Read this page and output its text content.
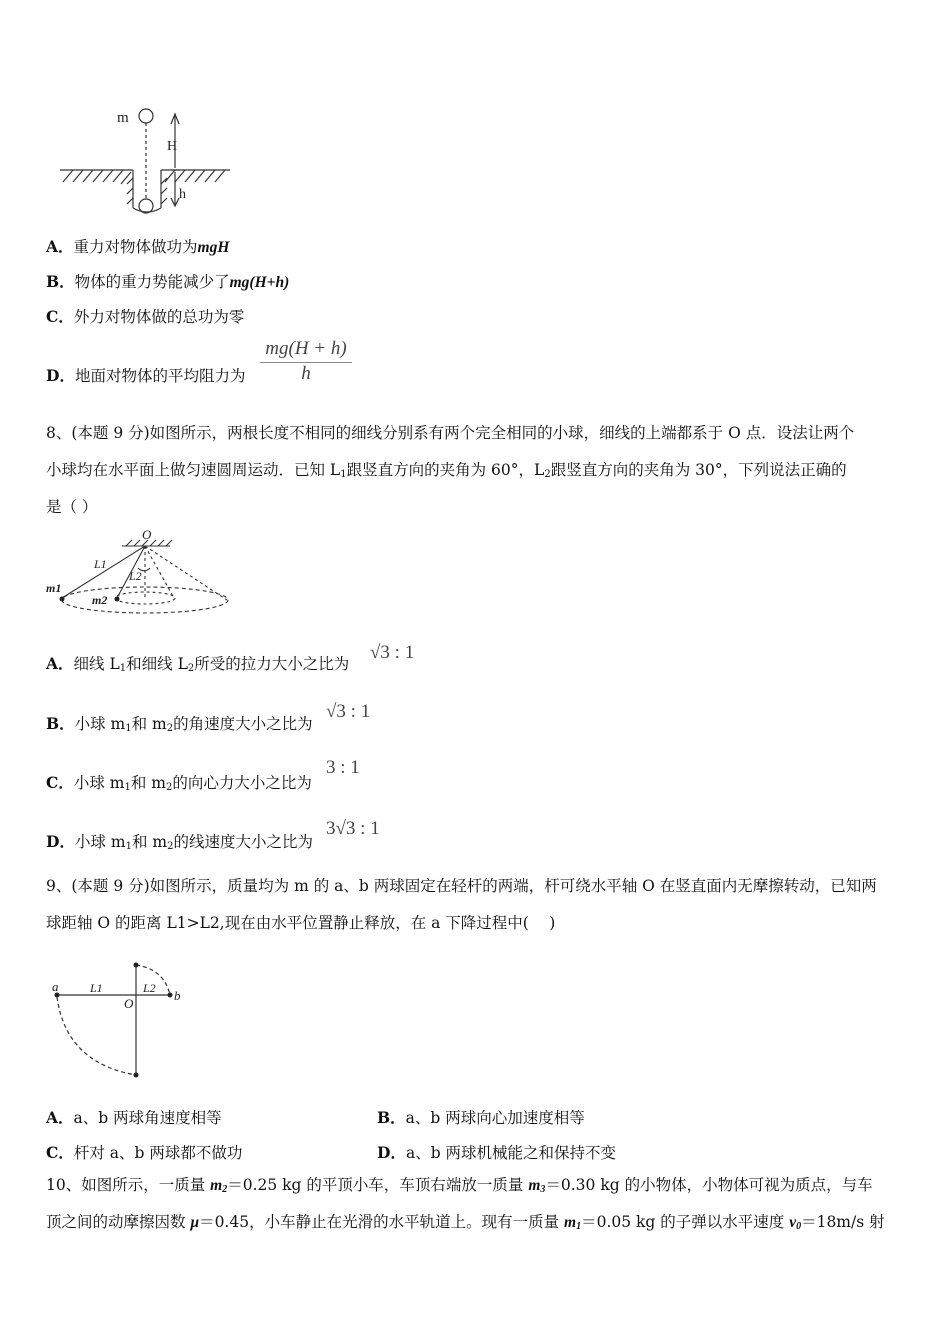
m
H
h
A．重力对物体做功为mgH
B．物体的重力势能减少了mg(H+h)
C．外力对物体做的总功为零
D．地面对物体的平均阻力为 $\frac{mg(H + h)}{h}$
8、(本题 9 分)如图所示，两根长度不相同的细线分别系有两个完全相同的小球，细线的上端都系于 O 点．设法让两个
小球均在水平面上做匀速圆周运动．已知 $L_1$跟竖直方向的夹角为 60°，$L_2$跟竖直方向的夹角为 30°，下列说法正确的
是（ ）
O
L1
L2
m1
m2
A．细线 $L_1$和细线 $L_2$所受的拉力大小之比为
√3 : 1
B．小球 $m_1$和 $m_2$的角速度大小之比为
√3 : 1
C．小球 $m_1$和 $m_2$的向心力大小之比为
3 : 1
D．小球 $m_1$和 $m_2$的线速度大小之比为
3√3 : 1
9、(本题 9 分)如图所示，质量均为 m 的 a、b 两球固定在轻杆的两端，杆可绕水平轴 O 在竖直面内无摩擦转动，已知两
球距轴 O 的距离 L1>L2,现在由水平位置静止释放，在 a 下降过程中(　 )
a	L1
O
L2 b
A．a、b 两球角速度相等	B．a、b 两球向心加速度相等
C．杆对 a、b 两球都不做功	D．a、b 两球机械能之和保持不变
10、如图所示，一质量 $m_2=0.25$ kg 的平顶小车，车顶右端放一质量 $m_3=0.30$ kg 的小物体，小物体可视为质点，与车
顶之间的动摩擦因数 μ＝0.45，小车静止在光滑的水平轨道上。现有一质量 $m_1=0.05$ kg 的子弹以水平速度 $v_0=18m/s$ 射
